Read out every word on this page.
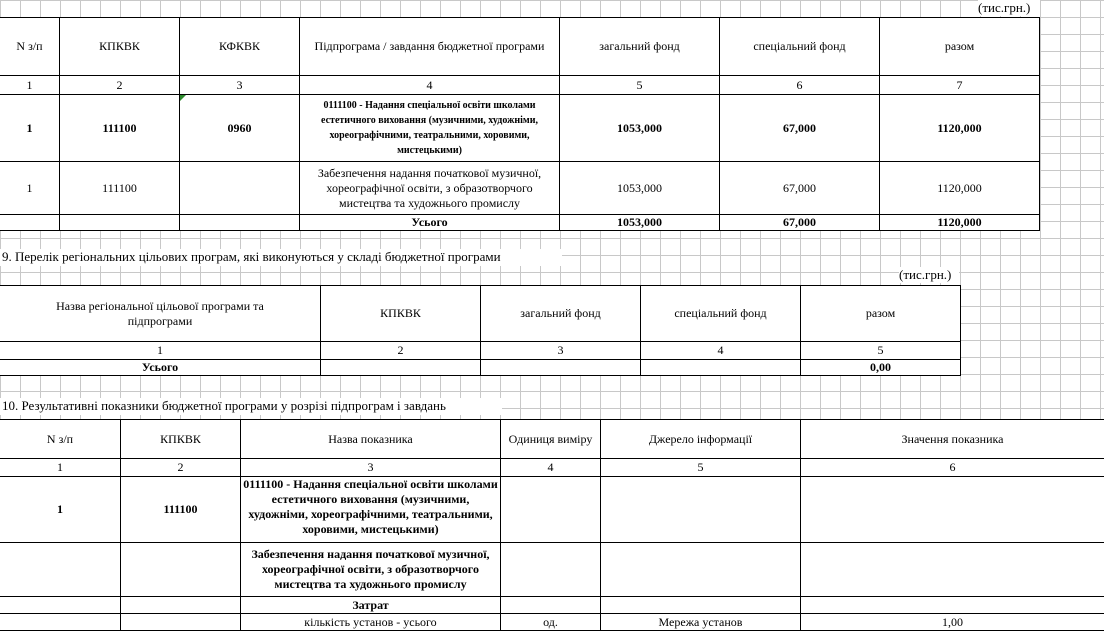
(тис.грн.)
N з/п	КПКВК	КФКВК	Підпрограма / завдання бюджетної програми	загальний фонд	спеціальний фонд	разом
1	2	3	4	5	6	7
1	111100	0960	0111100 - Надання спеціальної освіти школами естетичного виховання (музичними, художніми, хореографічними, театральними, хоровими, мистецькими)	1053,000	67,000	1120,000
1	111100		Забезпечення надання початкової музичної, хореографічної освіти, з образотворчого мистецтва та художнього промислу	1053,000	67,000	1120,000
			Усього	1053,000	67,000	1120,000
9. Перелік регіональних цільових програм, які виконуються у складі бюджетної програми
(тис.грн.)
Назва регіональної цільової програми та підпрограми	КПКВК	загальний фонд	спеціальний фонд	разом
1	2	3	4	5
Усього				0,00
10. Результативні показники бюджетної програми у розрізі підпрограм і завдань
N з/п	КПКВК	Назва показника	Одиниця виміру	Джерело інформації	Значення показника
1	2	3	4	5	6
1	111100	0111100 - Надання спеціальної освіти школами естетичного виховання (музичними, художніми, хореографічними, театральними, хоровими, мистецькими)			
		Забезпечення надання початкової музичної, хореографічної освіти, з образотворчого мистецтва та художнього промислу			
		Затрат			
		кількість установ - усього	од.	Мережа установ	1,00
